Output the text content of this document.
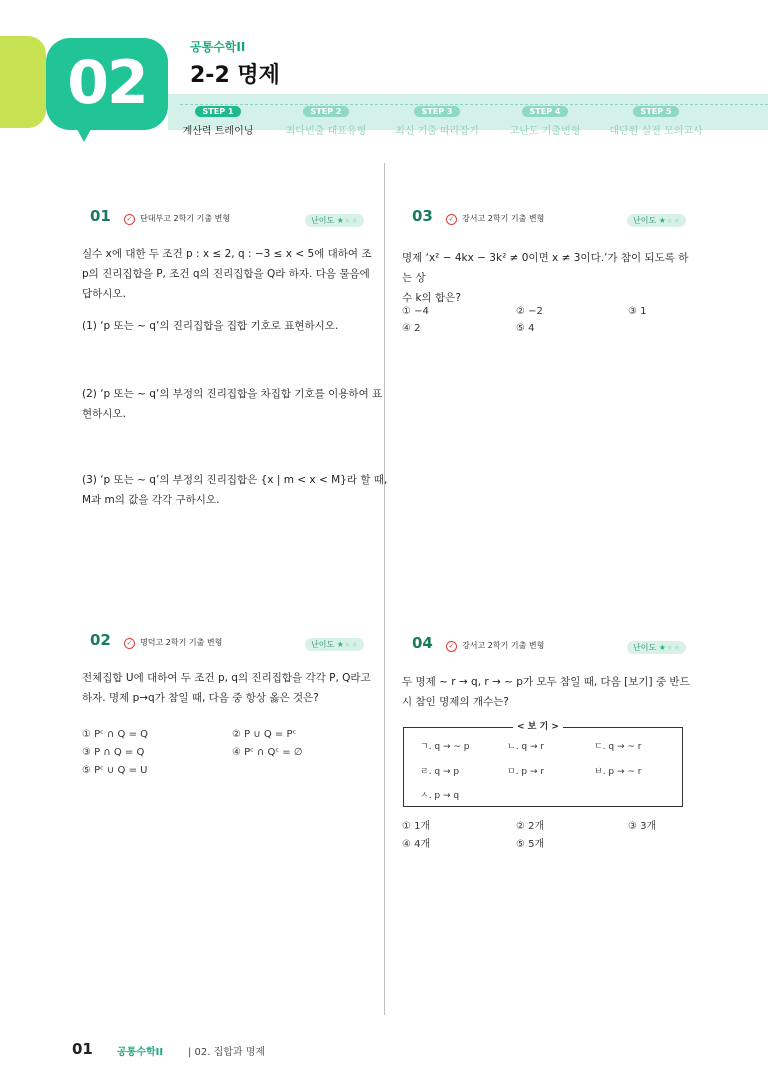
02
공통수학II
2-2 명제
STEP 1
계산력 트레이닝
STEP 2
최다빈출 대표유형
STEP 3
최신 기출 따라잡기
STEP 4
고난도 기출변형
STEP 5
대단원 실전 모의고사
01 ✓ 단대부고 2학기 기출 변형	난이도 ★★★
실수 x에 대한 두 조건 p : x ≤ 2, q : −3 ≤ x < 5에 대하여 조
p의 진리집합을 P, 조건 q의 진리집합을 Q라 하자. 다음 물음에
답하시오.
(1) ‘p 또는 ~ q’의 진리집합을 집합 기호로 표현하시오.
(2) ‘p 또는 ~ q’의 부정의 진리집합을 차집합 기호를 이용하여 표
현하시오.
(3) ‘p 또는 ~ q’의 부정의 진리집합은 {x | m < x < M}라 할 때,
M과 m의 값을 각각 구하시오.
03 ✓ 강서고 2학기 기출 변형	난이도 ★★★
명제 ‘x² − 4kx − 3k² ≠ 0이면 x ≠ 3이다.’가 참이 되도록 하는 상
수 k의 합은?
① −4	② −2	③ 1
④ 2	⑤ 4
02 ✓ 명덕고 2학기 기출 변형	난이도 ★★★
전체집합 U에 대하여 두 조건 p, q의 진리집합을 각각 P, Q라고
하자. 명제 p→q가 참일 때, 다음 중 항상 옳은 것은?
① Pᶜ ∩ Q = Q	② P ∪ Q = Pᶜ
③ P ∩ Q = Q	④ Pᶜ ∩ Qᶜ = ∅
⑤ Pᶜ ∪ Q = U
04 ✓ 강서고 2학기 기출 변형	난이도 ★★★
두 명제 ~ r → q, r → ~ p가 모두 참일 때, 다음 [보기] 중 반드
시 참인 명제의 개수는?
< 보 기 >
ㄱ. q → ~ p	ㄴ. q → r	ㄷ. q → ~ r
ㄹ. q → p	ㅁ. p → r	ㅂ. p → ~ r
ㅅ. p → q
① 1개	② 2개	③ 3개
④ 4개	⑤ 5개
01 공통수학II | 02. 집합과 명제
